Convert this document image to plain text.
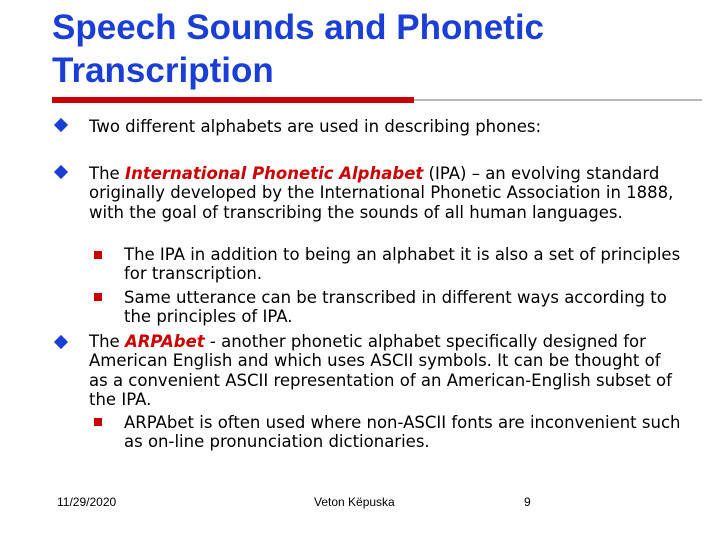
Speech Sounds and Phonetic
Transcription

Two different alphabets are used in describing phones:

The International Phonetic Alphabet (IPA) – an evolving standard originally developed by the International Phonetic Association in 1888, with the goal of transcribing the sounds of all human languages.

The IPA in addition to being an alphabet it is also a set of principles for transcription.

Same utterance can be transcribed in different ways according to the principles of IPA.

The ARPAbet - another phonetic alphabet specifically designed for American English and which uses ASCII symbols. It can be thought of as a convenient ASCII representation of an American-English subset of the IPA.

ARPAbet is often used where non-ASCII fonts are inconvenient such as on-line pronunciation dictionaries.

11/29/2020	Veton Këpuska	9
